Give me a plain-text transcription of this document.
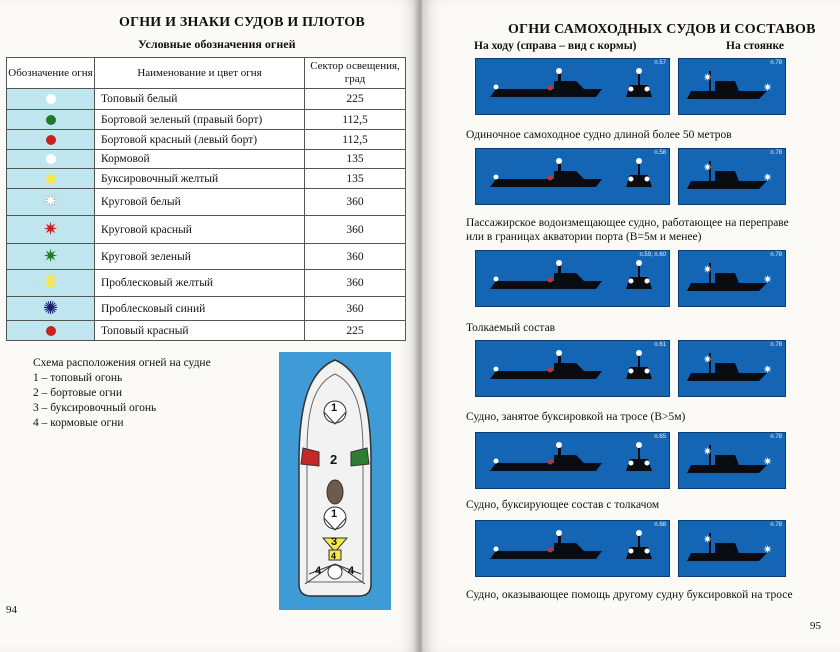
ОГНИ И ЗНАКИ СУДОВ И ПЛОТОВ
Условные обозначения огней
Обозначение огня	Наименование и цвет огня	Сектор освещения, град
	Топовый белый	225
	Бортовой зеленый (правый борт)	112,5
	Бортовой красный (левый борт)	112,5
	Кормовой	135
	Буксировочный желтый	135
✷	Круговой белый	360
✷	Круговой красный	360
✷	Круговой зеленый	360
✺	Проблесковый желтый	360
✺	Проблесковый синий	360
	Топовый красный	225
Схема расположения огней на судне
1 – топовый огонь
2 – бортовые огни
3 – буксировочный огонь
4 – кормовые огни
1
2
1
3
4
4 4
94
ОГНИ САМОХОДНЫХ СУДОВ И СОСТАВОВ
На ходу (справа – вид с кормы)	На стоянке
95
п.57
✷
✷
п.78
Одиночное самоходное судно длиной более 50 метров
п.58
✷
✷
п.78
Пассажирское водоизмещающее судно, работающее на переправе
или в границах акватории порта (В=5м и менее)
п.59, п.60
✷
✷
п.78
Толкаемый состав
п.61
✷
✷
п.78
Судно, занятое буксировкой на тросе (В>5м)
п.65
✷
✷
п.78
Судно, буксирующее состав с толкачом
п.68
✷
✷
п.78
Судно, оказывающее помощь другому судну буксировкой на тросе
